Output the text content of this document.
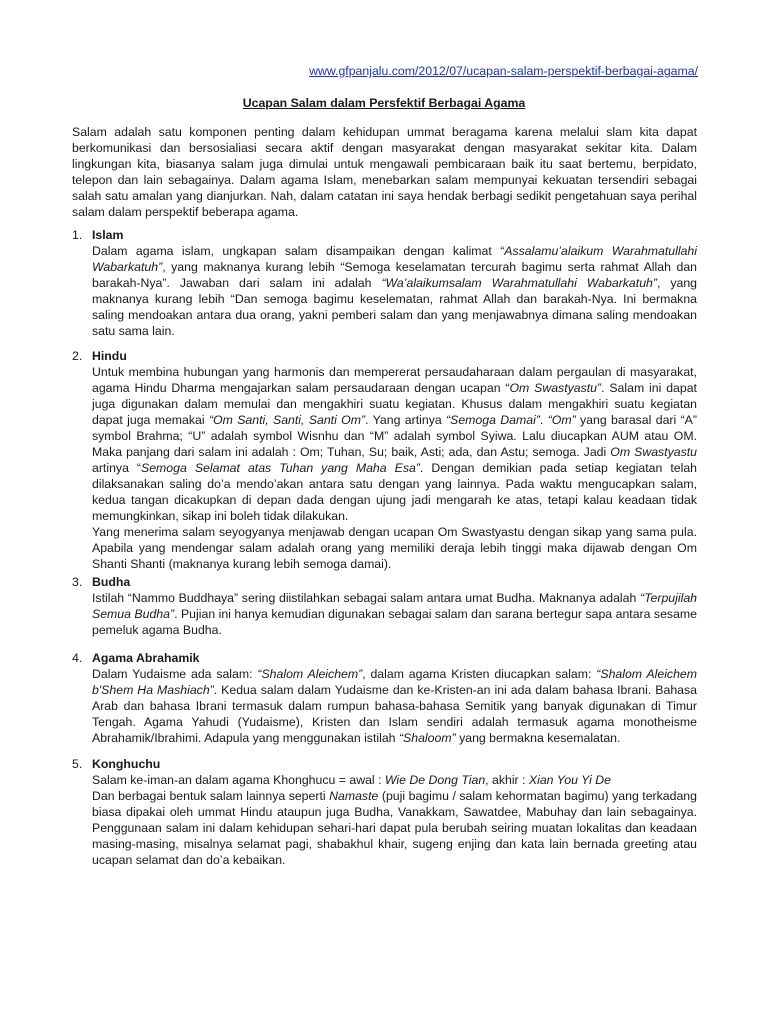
www.gfpanjalu.com/2012/07/ucapan-salam-perspektif-berbagai-agama/
Ucapan Salam dalam Persfektif Berbagai Agama
Salam adalah satu komponen penting dalam kehidupan ummat beragama karena melalui slam kita dapat berkomunikasi dan bersosialiasi secara aktif dengan masyarakat dengan masyarakat sekitar kita. Dalam lingkungan kita, biasanya salam juga dimulai untuk mengawali pembicaraan baik itu saat bertemu, berpidato, telepon dan lain sebagainya. Dalam agama Islam, menebarkan salam mempunyai kekuatan tersendiri sebagai salah satu amalan yang dianjurkan. Nah, dalam catatan ini saya hendak berbagi sedikit pengetahuan saya perihal salam dalam perspektif beberapa agama.
1. Islam

Dalam agama islam, ungkapan salam disampaikan dengan kalimat “Assalamu’alaikum Warahmatullahi Wabarkatuh”, yang maknanya kurang lebih “Semoga keselamatan tercurah bagimu serta rahmat Allah dan barakah-Nya”. Jawaban dari salam ini adalah “Wa’alaikumsalam Warahmatullahi Wabarkatuh”, yang maknanya kurang lebih “Dan semoga bagimu keselematan, rahmat Allah dan barakah-Nya. Ini bermakna saling mendoakan antara dua orang, yakni pemberi salam dan yang menjawabnya dimana saling mendoakan satu sama lain.

2. Hindu

Untuk membina hubungan yang harmonis dan mempererat persaudaharaan dalam pergaulan di masyarakat, agama Hindu Dharma mengajarkan salam persaudaraan dengan ucapan “Om Swastyastu”. Salam ini dapat juga digunakan dalam memulai dan mengakhiri suatu kegiatan. Khusus dalam mengakhiri suatu kegiatan dapat juga memakai “Om Santi, Santi, Santi Om”. Yang artinya “Semoga Damai”. “Om” yang barasal dari “A” symbol Brahma; “U” adalah symbol Wisnhu dan “M” adalah symbol Syiwa. Lalu diucapkan AUM atau OM. Maka panjang dari salam ini adalah : Om; Tuhan, Su; baik, Asti; ada, dan Astu; semoga. Jadi Om Swastyastu artinya “Semoga Selamat atas Tuhan yang Maha Esa”. Dengan demikian pada setiap kegiatan telah dilaksanakan saling do’a mendo’akan antara satu dengan yang lainnya. Pada waktu mengucapkan salam, kedua tangan dicakupkan di depan dada dengan ujung jadi mengarah ke atas, tetapi kalau keadaan tidak memungkinkan, sikap ini boleh tidak dilakukan.

Yang menerima salam seyogyanya menjawab dengan ucapan Om Swastyastu dengan sikap yang sama pula. Apabila yang mendengar salam adalah orang yang memiliki deraja lebih tinggi maka dijawab dengan Om Shanti Shanti (maknanya kurang lebih semoga damai).

3. Budha

Istilah “Nammo Buddhaya” sering diistilahkan sebagai salam antara umat Budha. Maknanya adalah “Terpujilah Semua Budha”. Pujian ini hanya kemudian digunakan sebagai salam dan sarana bertegur sapa antara sesame pemeluk agama Budha.

4. Agama Abrahamik

Dalam Yudaisme ada salam: “Shalom Aleichem”, dalam agama Kristen diucapkan salam: “Shalom Aleichem b'Shem Ha Mashiach”. Kedua salam dalam Yudaisme dan ke-Kristen-an ini ada dalam bahasa Ibrani. Bahasa Arab dan bahasa Ibrani termasuk dalam rumpun bahasa-bahasa Semitik yang banyak digunakan di Timur Tengah. Agama Yahudi (Yudaisme), Kristen dan Islam sendiri adalah termasuk agama monotheisme Abrahamik/Ibrahimi. Adapula yang menggunakan istilah “Shaloom” yang bermakna kesemalatan.

5. Konghuchu

Salam ke-iman-an dalam agama Khonghucu = awal : Wie De Dong Tian, akhir : Xian You Yi De

Dan berbagai bentuk salam lainnya seperti Namaste (puji bagimu / salam kehormatan bagimu) yang terkadang biasa dipakai oleh ummat Hindu ataupun juga Budha, Vanakkam, Sawatdee, Mabuhay dan lain sebagainya. Penggunaan salam ini dalam kehidupan sehari-hari dapat pula berubah seiring muatan lokalitas dan keadaan masing-masing, misalnya selamat pagi, shabakhul khair, sugeng enjing dan kata lain bernada greeting atau ucapan selamat dan do’a kebaikan.
